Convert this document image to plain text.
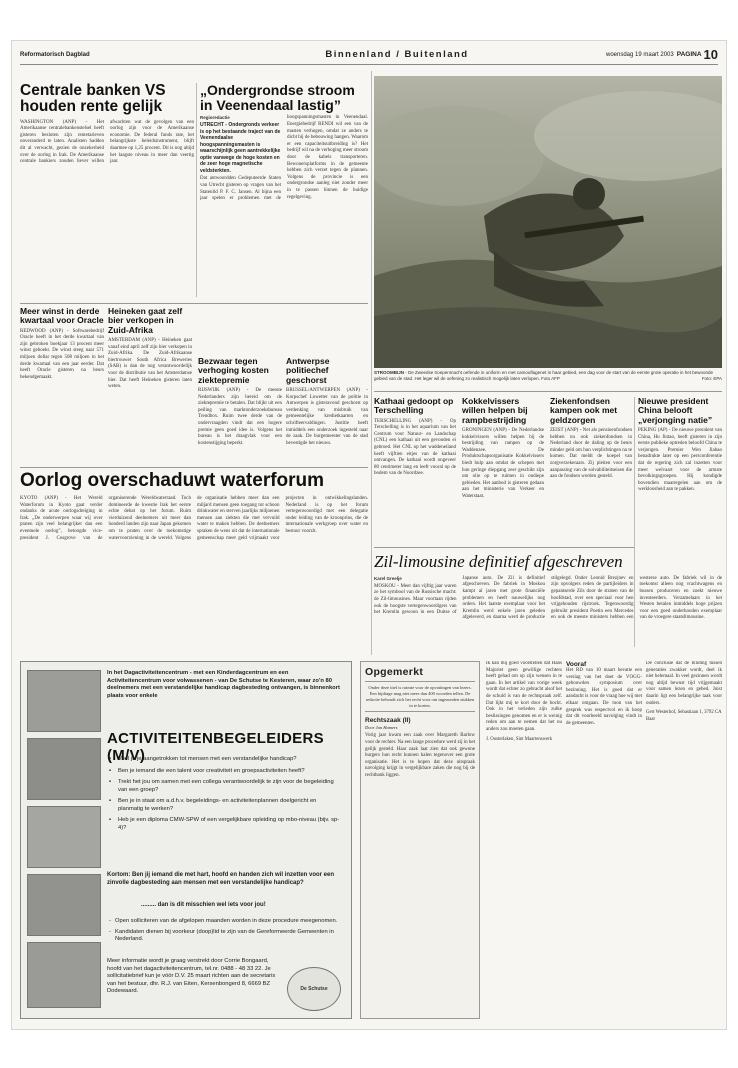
Reformatorisch Dagblad	Binnenland / Buitenland	woensdag 19 maart 2003 PAGINA 10
Centrale banken VS houden rente gelijk
WASHINGTON (ANP) - Het Amerikaanse centralebankenstelsel heeft gisteren besloten zijn rentetarieven onveranderd te laten. Analisten hadden dit al verwacht, gezien de onzekerheid over de oorlog in Irak. De Amerikaanse centrale bankiers zouden liever willen afwachten wat de gevolgen van een oorlog zijn voor de Amerikaanse economie. De federal funds rate, het belangrijkste beleidsinstrument, blijft daarmee op 1,25 procent. Dit is nog altijd het laagste niveau in meer dan veertig jaar.
„Ondergrondse stroom in Veenendaal lastig”
Regioredactie
UTRECHT - Ondergronds verkeer is op het bestaande traject van de Veenendaalse hoogspanningsmasten is waarschijnlijk geen aantrekkelijke optie vanwege de hoge kosten en de zeer hoge magnetische veldsterkten.
Dat antwoordden Gedeputeerde Staten van Utrecht gisteren op vragen van het Statenlid P. F. C. Jansen. Al bijna een jaar spelen er problemen met de hoogspanningsmasten in Veenendaal. Energiebedrijf RENDI wil een van de masten verhogen, omdat ze anders te dicht bij de bebouwing hangen. Waarom er een capaciteitsuitbreiding is? Het bedrijf wil na de verhoging meer stroom door de kabels transporteren. Bewonersplatforms in de gemeente hebben zich verzet tegen de plannen. Volgens de provincie is een ondergrondse aanleg niet zonder meer in te passen binnen de huidige regelgeving.
Meer winst in derde kwartaal voor Oracle
REDWOOD (ANP) - Softwarebedrijf Oracle heeft in het derde kwartaal van zijn gebroken boekjaar 13 procent meer winst geboekt. De winst steeg naar 571 miljoen dollar tegen 508 miljoen in het derde kwartaal van een jaar eerder. Dat heeft Oracle gisteren na beurs bekendgemaakt.
Heineken gaat zelf bier verkopen in Zuid-Afrika
AMSTERDAM (ANP) - Heineken gaat vanaf eind april zelf zijn bier verkopen in Zuid-Afrika. De Zuid-Afrikaanse biertrouwer South Africa Breweries (SAB) is dan de nog verantwoordelijk voor de distributie van het Amsterdamse bier. Dat heeft Heineken gisteren laten weten.
Bezwaar tegen verhoging kosten ziektepremie
RIJSWIJK (ANP) - De meeste Nederlanders zijn bereid om de ziektepremie te betalen. Dat blijkt uit een peiling van marktonderzoeksbureau Trendbox. Ruim twee derde van de ondervraagden vindt dat een hogere premie geen goed idee is. Volgens het bureau is het draagvlak voor een kostenstijging beperkt.
Antwerpse politiechef geschorst
BRUSSEL/ANTWERPEN (ANP) - Korpschef Lowetter van de politie in Antwerpen is gisteravond geschorst op verdenking van misbruik van gemeentelijke kredietkaarten en schrifteervaldingen. Justitie heeft inmiddels een onderzoek ingesteld naar de zaak. De burgemeester van de stad bevestigde het nieuws.
STROOMBIJN - De Zweedse troepenmacht oefende in uniform en met camouflagenet in haar gebied, een dag voor de start van de eerste grote operatie in het bewoonde gebied van de stad. Het leger wil de oefening zo realistisch mogelijk laten verlopen. Foto AFP	Foto: EPA
Kathaai gedoopt op Terschelling
TERSCHELLING (ANP) - Op Terschelling is in het aquarium van het Centrum voor Natuur- en Landschap (CNL) een kathaai uit een gevonden ei gebroed. Het CNL op het waddeneiland heeft vijftien eitjes van de kathaai ontvangen. De kathaai wordt ongeveer 80 centimeter lang en leeft vooral op de bodem van de Noordzee.
Kokkelvissers willen helpen bij rampbestrijding
GRONINGEN (ANP) - De Nederlandse kokkelvissers willen helpen bij de bestrijding van rampen op de Waddenzee. De Produktschapsorganisatie Kokkelvissers biedt hulp aan omdat de schepen met hun geringe diepgang zeer geschikt zijn om olie op te ruimen in ondiepe gebieden. Het aanbod is gisteren gedaan aan het ministerie van Verkeer en Waterstaat.
Ziekenfondsen kampen ook met geldzorgen
ZEIST (ANP) - Net als pensioenfondsen hebben nu ook ziekenfondsen in Nederland door de daling op de beurs minder geld om hun verplichtingen na te komen. Dat meldt de koepel van zorgverzekeraars. Zij pleiten voor een aanpassing van de solvabiliteitseisen die aan de fondsen worden gesteld.
Nieuwe president China belooft „verjonging natie”
PEKING (AP) - De nieuwe president van China, Hu Jintao, heeft gisteren in zijn eerste publieke optreden beloofd China te verjongen. Premier Wen Jiabao benadrukte later op een persconferentie dat de regering zich zal inzetten voor meer welvaart voor de armste bevolkingsgroepen. Hij kondigde bovendien maatregelen aan om de werkloosheid aan te pakken.
Oorlog overschaduwt waterforum
KYOTO (ANP) - Het Wereld Waterforum in Kyoto gaat verder ondanks de acute oorlogsdreiging in Irak. „De onderwerpen waar wij over praten zijn veel belangrijker dan een eventuele oorlog”, betoogde vice-president J. Cosgrove van de organiserende Wereldwaterraad. Toch domineerde de kwestie Irak het eerste echte debat op het forum. Ruim vierduizend deelnemers uit meer dan honderd landen zijn naar Japan gekomen om te praten over de toekomstige watervoorziening in de wereld. Volgens de organisatie hebben meer dan een miljard mensen geen toegang tot schoon drinkwater en sterven jaarlijks miljoenen mensen aan ziekten die met vervuild water te maken hebben. De deelnemers spraken de wens uit dat de internationale gemeenschap meer geld vrijmaakt voor projecten in ontwikkelingslanden. Nederland is op het forum vertegenwoordigd met een delegatie onder leiding van de kroonprins, die de internationale werkgroep over water en bestuur voorzit.
Zil-limousine definitief afgeschreven
Karel Greelje
MOSKOU - Meer dan vijftig jaar waren ze het symbool van de Russische macht: de Zil-limousines. Maar voortaan rijden ook de hoogste vertegenwoordigers van het Kremlin gewoon in een Duitse of Japanse auto. De Zil is definitief afgeschreven. De fabriek in Moskou kampt al jaren met grote financiële problemen en heeft nauwelijks nog orders. Het laatste exemplaar voor het Kremlin werd enkele jaren geleden afgeleverd, en daarna werd de productie stilgelegd. Onder Leonid Brezjnev en zijn opvolgers reden de partijleiders in gepantserde Zils door de straten van de hoofdstad, over een speciaal voor hen vrijgehouden rijstrook. Tegenwoordig gebruikt president Poetin een Mercedes en ook de meeste ministers hebben een westerse auto. De fabriek wil in de toekomst alleen nog vrachtwagens en bussen produceren en zoekt nieuwe investeerders. Verzamelaars in het Westen betalen inmiddels hoge prijzen voor een goed onderhouden exemplaar van de vroegere staatslimousine.
In het Dagactiviteitencentrum - met een Kinderdagcentrum en een Activiteitencentrum voor volwassenen - van De Schutse te Kesteren, waar zo'n 80 deelnemers met een verstandelijke handicap dagbesteding ontvangen, is binnenkort plaats voor enkele
ACTIVITEITENBEGELEIDERS (M/V)
• Voel je je aangetrokken tot mensen met een verstandelijke handicap?
• Ben je iemand die een talent voor creativiteit en groepsactiviteiten heeft?
• Trekt het jou om samen met een collega verantwoordelijk te zijn voor de begeleiding van een groep?
• Ben je in staat om a.d.h.v. begeleidings- en activiteitenplannen doelgericht en planmatig te werken?
• Heb je een diploma CMW-SPW of een vergelijkbare opleiding op mbo-niveau (bijv. sp-4)?
Kortom: Ben jij iemand die met hart, hoofd en handen zich wil inzetten voor een zinvolle dagbesteding aan mensen met een verstandelijke handicap?
......... dan is dit misschien wel iets voor jou!
- Open solliciteren van de afgelopen maanden worden in deze procedure meegenomen.
- Kandidaten dienen bij voorkeur (doop)lid te zijn van de Gereformeerde Gemeenten in Nederland.
Meer informatie wordt je graag verstrekt door Corrie Bongaard, hoofd van het dagactiviteitencentrum, tel.nr. 0488 - 48 33 22. Je sollicitatiebrief kun je vóór D.V. 25 maart richten aan de secretaris van het bestuur, dhr. R.J. van Eiten, Kersenbongerd 8, 6669 BZ Dodewaard.	De Schutse
Opgemerkt
Onder deze titel is ruimte voor de opvattingen van lezers. Een bijdrage mag niet meer dan 400 woorden tellen. De redactie behoudt zich het recht voor om ingezonden stukken in te korten.
Rechtszaak (II)
Door Jan Hamers
Vorig jaar kwam een zaak over Margareth Barlow voor de rechter. Na een lange procedure werd zij in het gelijk gesteld. Haar zaak laat zien dat ook gewone burgers hun recht kunnen halen tegenover een grote organisatie. Het is te hopen dat deze uitspraak navolging krijgt in vergelijkbare zaken die nog bij de rechtbank liggen.
Ik kan mij goed voorstellen dat Hans Majoriet geen gewillige rechters heeft gehad om op zijn wensen in te gaan. In het artikel van vorige week wordt dat echter zo gebracht alsof het de schuld is van de rechtspraak zelf. Dat lijkt mij te kort door de bocht. Ook in het verleden zijn zulke beslissingen genomen en er is weinig reden om aan te nemen dat het nu anders zou moeten gaan.
J. Oosterlaken, Sint Maartenswerk
Vooraf
Het RD van 10 maart bevatte een verslag van het doet de VOGG-gebouwden symposium over bezinning. Het is goed dat er aandacht is voor de vraag hoe wij met elkaar omgaan. De toon van het gesprek was respectvol en ik hoop dat dit voorbeeld navolging vindt in de gemeenten.
De conclusie dat de binding tussen generaties zwakker wordt, deel ik niet helemaal. In veel gezinnen wordt nog altijd bewust tijd vrijgemaakt voor samen lezen en gebed. Juist daarin ligt een belangrijke taak voor ouders.
Gert Westerhof, Sebastiaan 1, 3792 CA Baar
